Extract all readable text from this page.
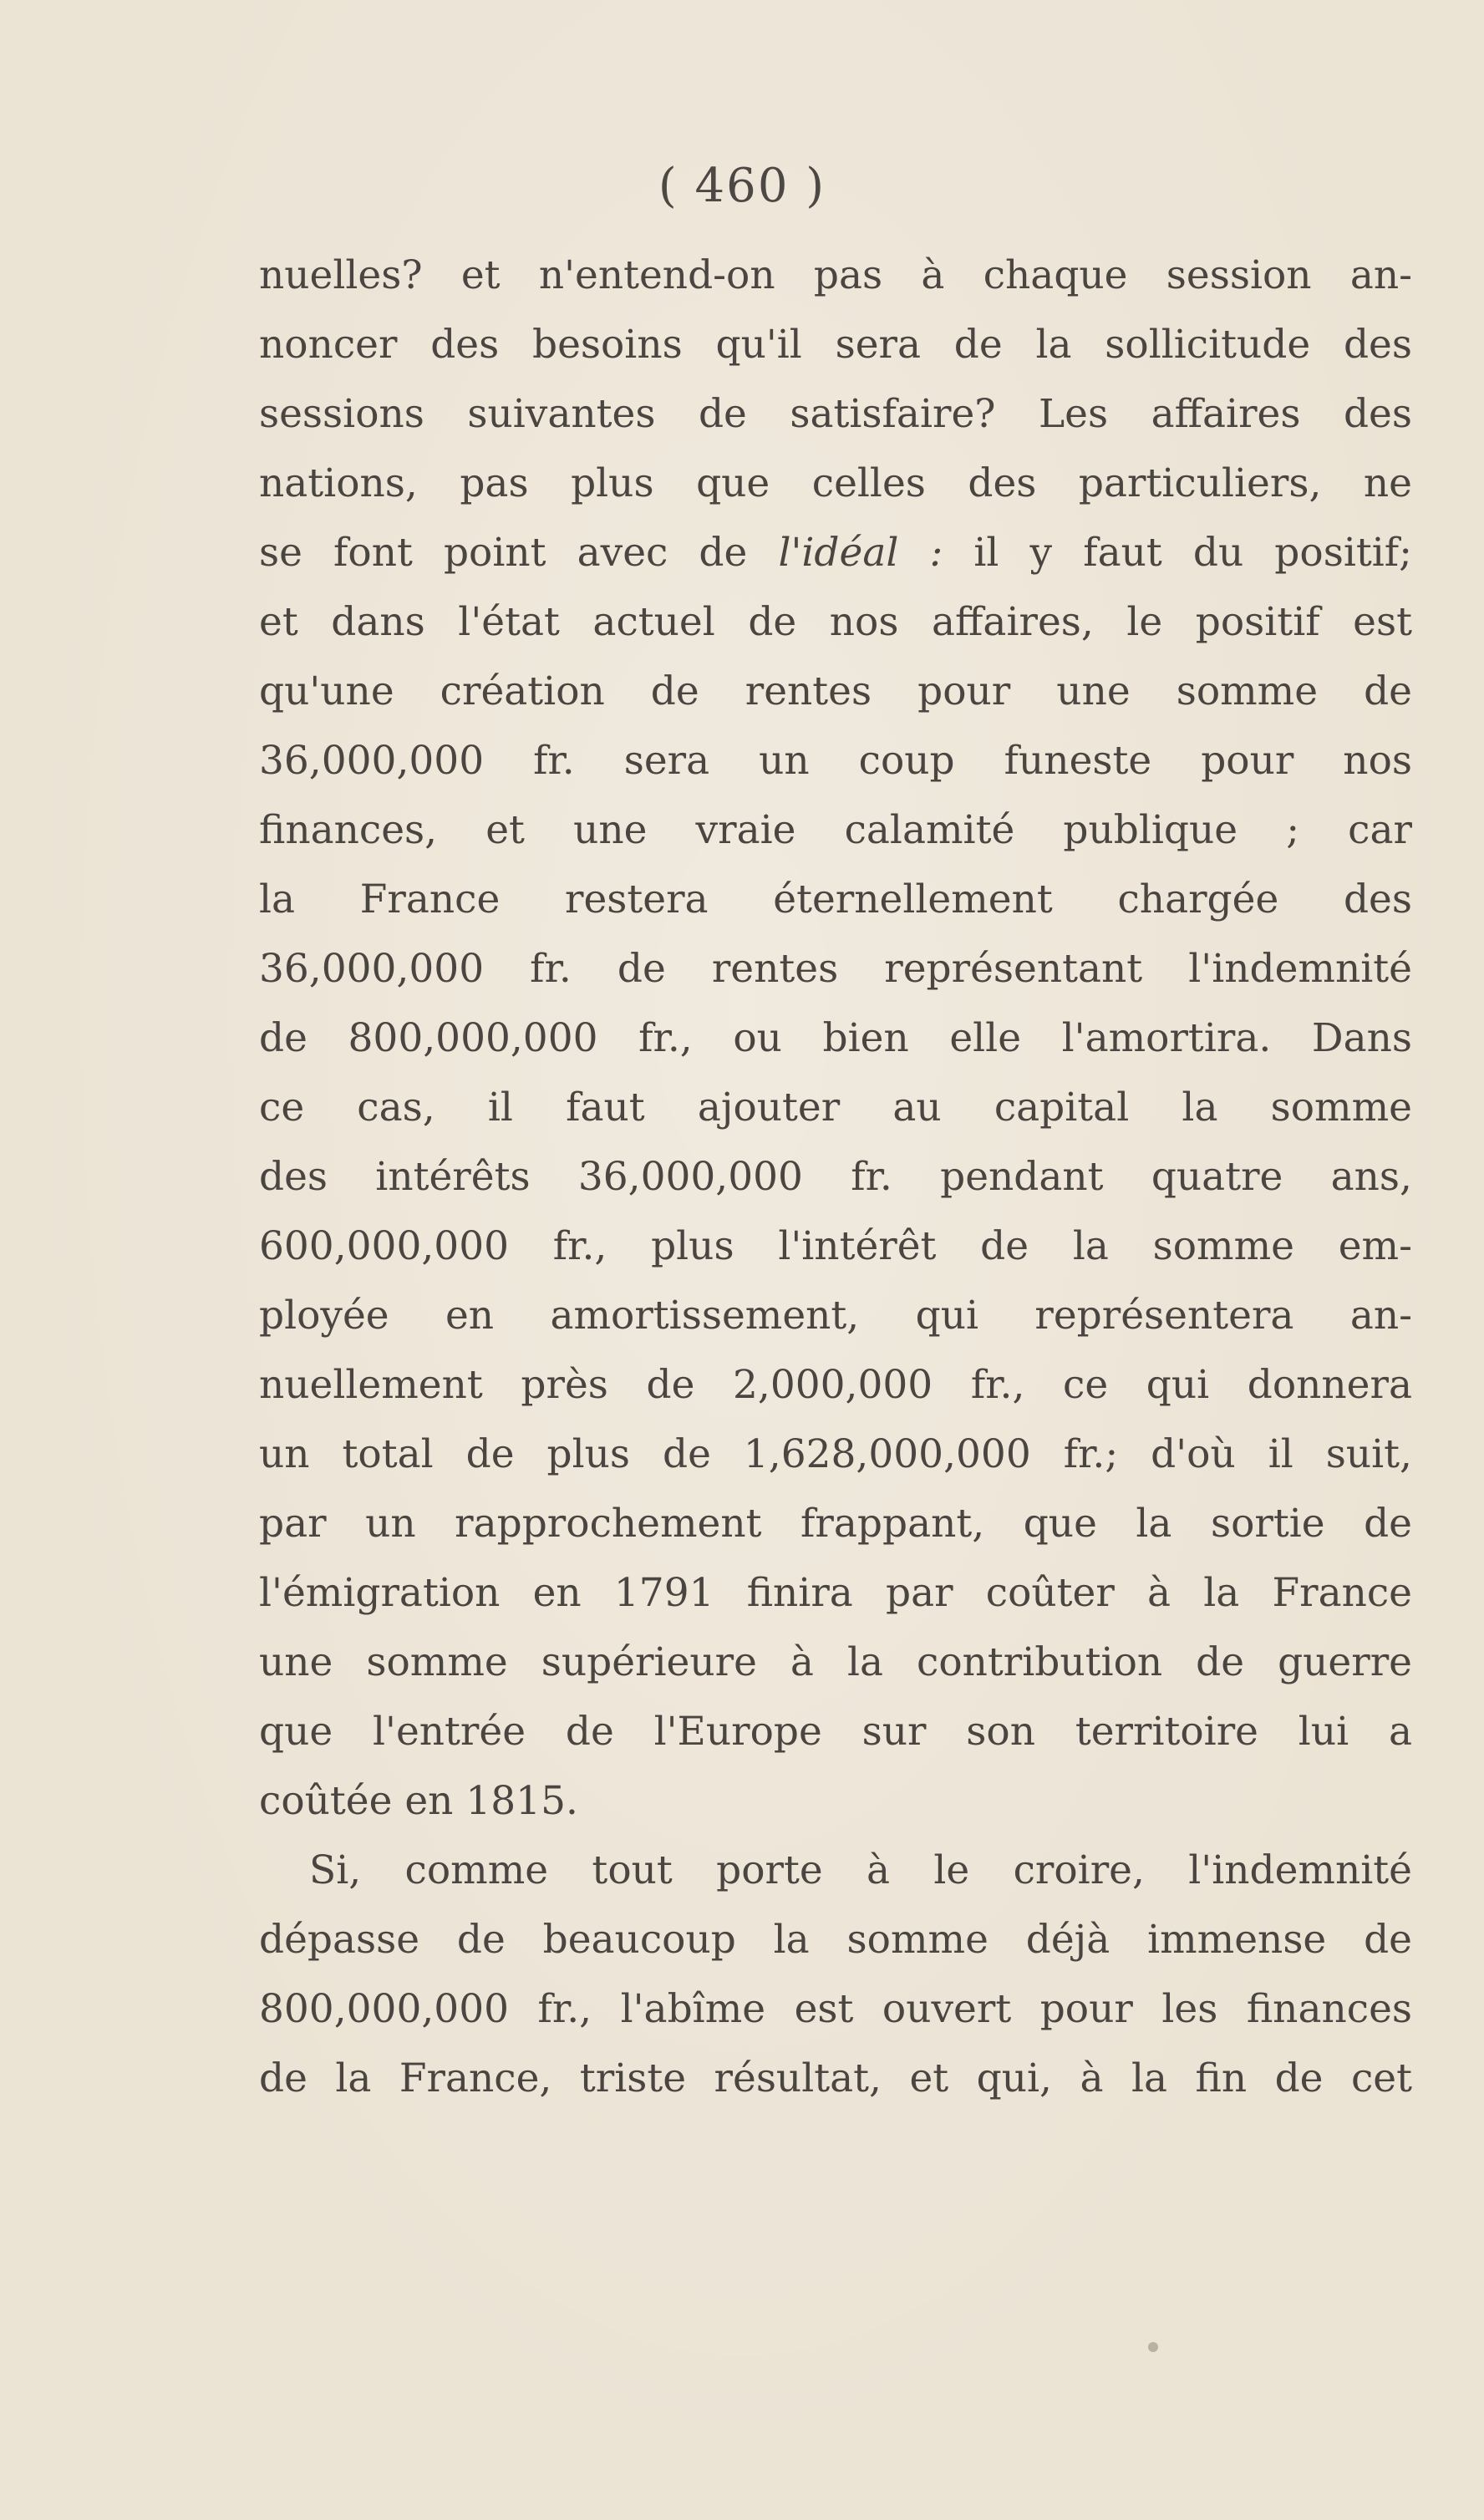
( 460 )
nuelles? et n'entend-on pas à chaque session an-
noncer des besoins qu'il sera de la sollicitude des
sessions suivantes de satisfaire? Les affaires des
nations, pas plus que celles des particuliers, ne
se font point avec de l'idéal : il y faut du positif;
et dans l'état actuel de nos affaires, le positif est
qu'une création de rentes pour une somme de
36,000,000 fr. sera un coup funeste pour nos
finances, et une vraie calamité publique ; car
la France restera éternellement chargée des
36,000,000 fr. de rentes représentant l'indemnité
de 800,000,000 fr., ou bien elle l'amortira. Dans
ce cas, il faut ajouter au capital la somme
des intérêts 36,000,000 fr. pendant quatre ans,
600,000,000 fr., plus l'intérêt de la somme em-
ployée en amortissement, qui représentera an-
nuellement près de 2,000,000 fr., ce qui donnera
un total de plus de 1,628,000,000 fr.; d'où il suit,
par un rapprochement frappant, que la sortie de
l'émigration en 1791 finira par coûter à la France
une somme supérieure à la contribution de guerre
que l'entrée de l'Europe sur son territoire lui a
coûtée en 1815.
Si, comme tout porte à le croire, l'indemnité
dépasse de beaucoup la somme déjà immense de
800,000,000 fr., l'abîme est ouvert pour les finances
de la France, triste résultat, et qui, à la fin de cet
